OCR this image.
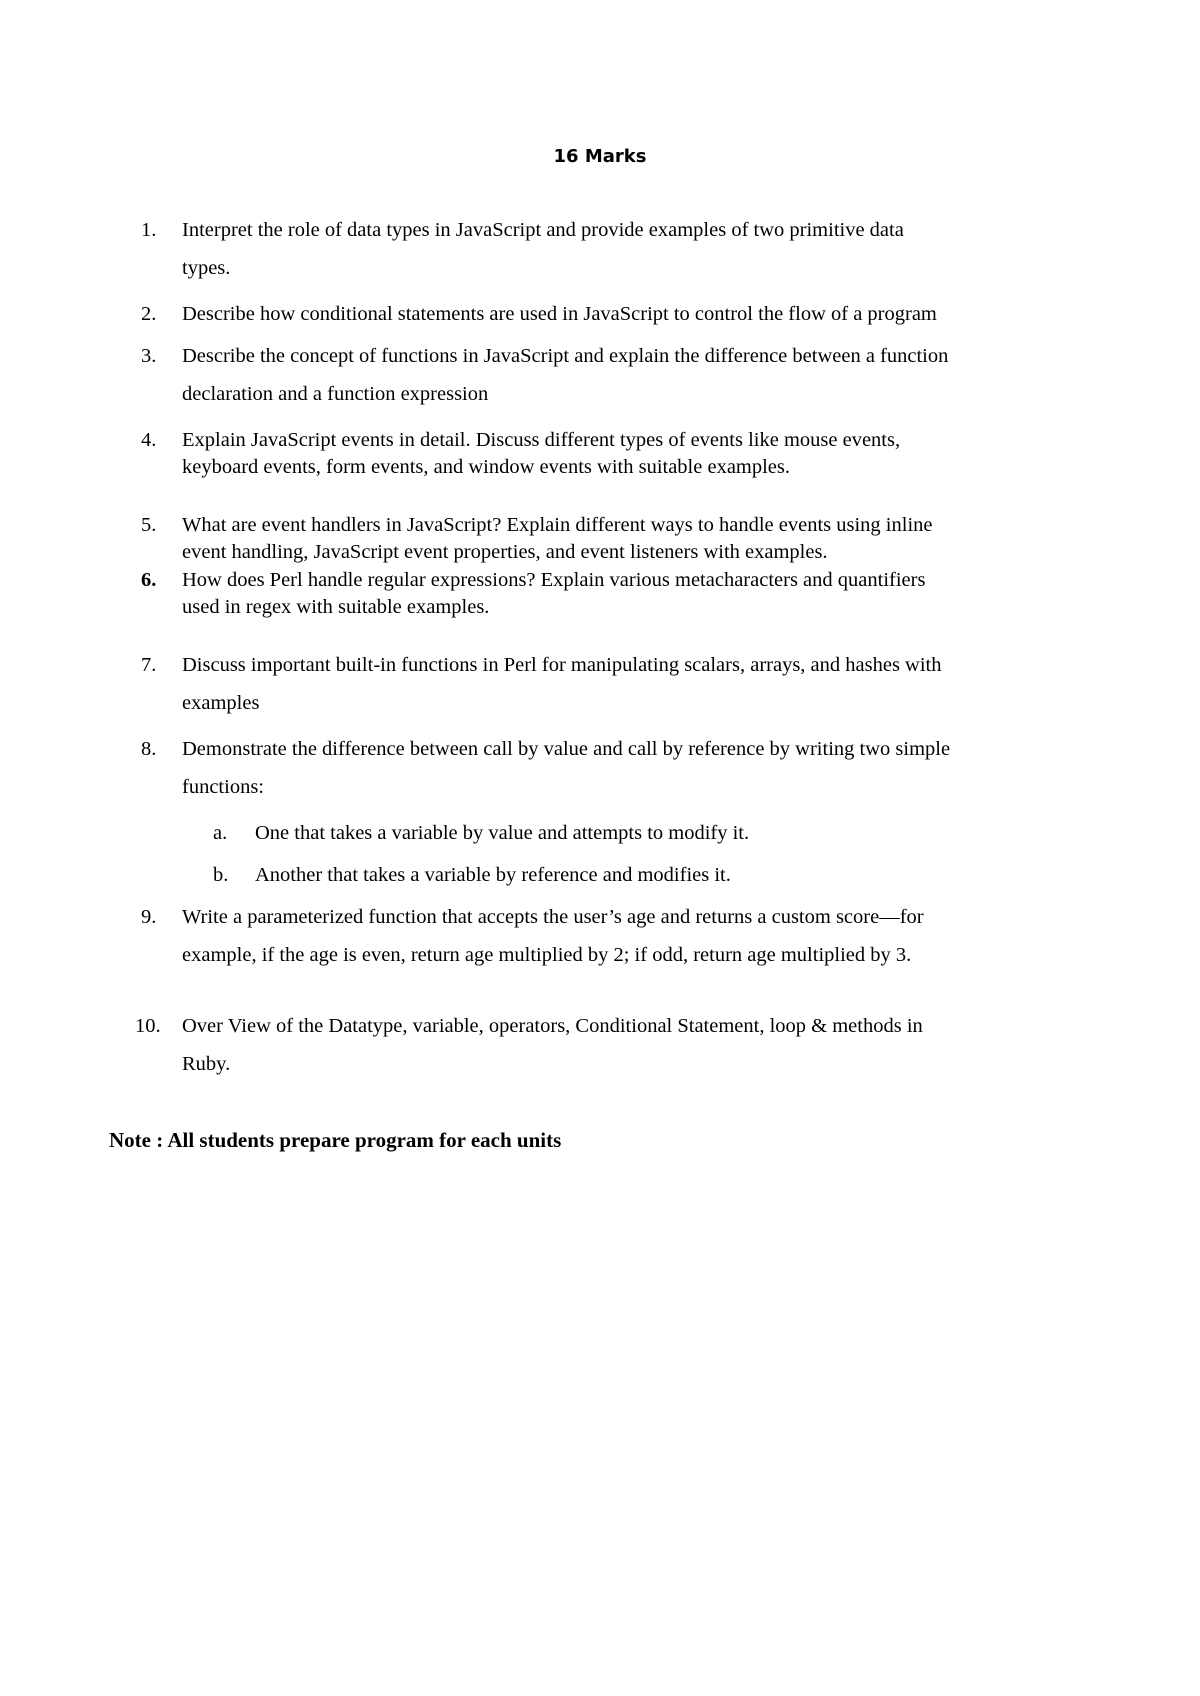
16 Marks
1.	Interpret the role of data types in JavaScript and provide examples of two primitive data
types.
2.	Describe how conditional statements are used in JavaScript to control the flow of a program
3.	Describe the concept of functions in JavaScript and explain the difference between a function
declaration and a function expression
4.	Explain JavaScript events in detail. Discuss different types of events like mouse events,
keyboard events, form events, and window events with suitable examples.
5.	What are event handlers in JavaScript? Explain different ways to handle events using inline
event handling, JavaScript event properties, and event listeners with examples.
6.	How does Perl handle regular expressions? Explain various metacharacters and quantifiers
used in regex with suitable examples.
7.	Discuss important built-in functions in Perl for manipulating scalars, arrays, and hashes with
examples
8.	Demonstrate the difference between call by value and call by reference by writing two simple
functions:
a. One that takes a variable by value and attempts to modify it.
b. Another that takes a variable by reference and modifies it.
9.	Write a parameterized function that accepts the user’s age and returns a custom score—for
example, if the age is even, return age multiplied by 2; if odd, return age multiplied by 3.
10.	Over View of the Datatype, variable, operators, Conditional Statement, loop & methods in
Ruby.

Note : All students prepare program for each units
